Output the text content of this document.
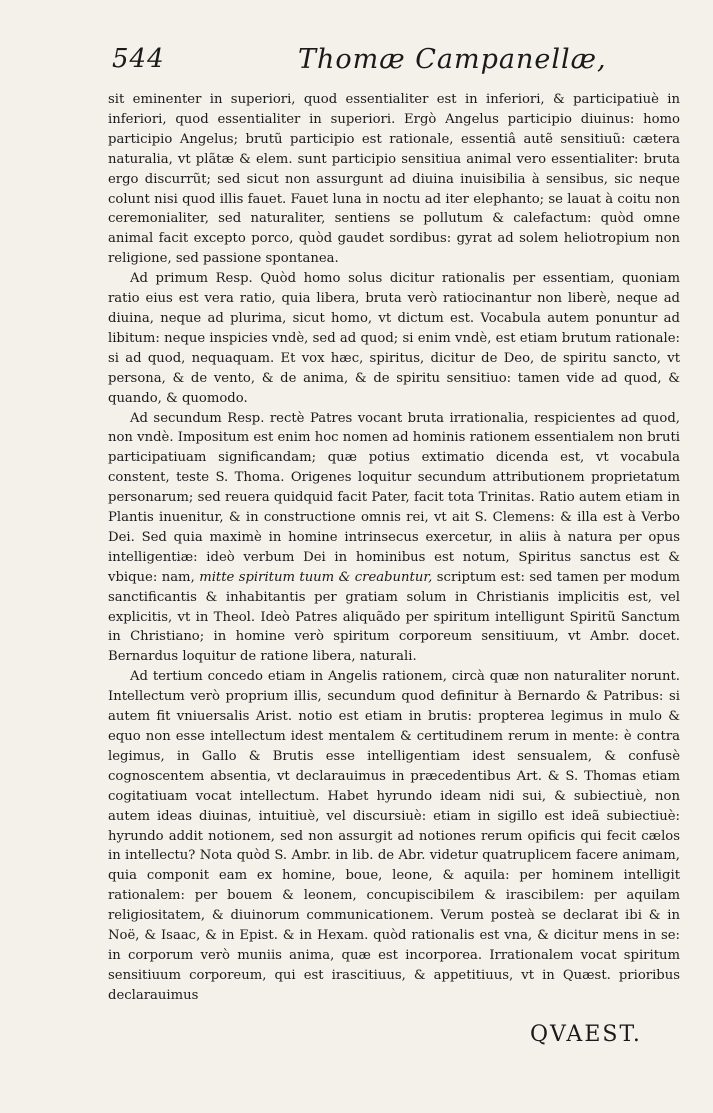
544	Thomæ Campanellæ,

sit eminenter in superiori, quod essentialiter est in inferiori, & participatiuè in inferiori, quod essentialiter in superiori. Ergò Angelus participio diuinus: homo participio Angelus; brutũ participio est rationale, essentiâ autẽ sensitiuũ: cætera naturalia, vt plãtæ & elem. sunt participio sensitiua animal vero essentialiter: bruta ergo discurrũt; sed sicut non assurgunt ad diuina inuisibilia à sensibus, sic neque colunt nisi quod illis fauet. Fauet luna in noctu ad iter elephanto; se lauat à coitu non ceremonialiter, sed naturaliter, sentiens se pollutum & calefactum: quòd omne animal facit excepto porco, quòd gaudet sordibus: gyrat ad solem heliotropium non religione, sed passione spontanea.

Ad primum Resp. Quòd homo solus dicitur rationalis per essentiam, quoniam ratio eius est vera ratio, quia libera, bruta verò ratiocinantur non liberè, neque ad diuina, neque ad plurima, sicut homo, vt dictum est. Vocabula autem ponuntur ad libitum: neque inspicies vndè, sed ad quod; si enim vndè, est etiam brutum rationale: si ad quod, nequaquam. Et vox hæc, spiritus, dicitur de Deo, de spiritu sancto, vt persona, & de vento, & de anima, & de spiritu sensitiuo: tamen vide ad quod, & quando, & quomodo.

Ad secundum Resp. rectè Patres vocant bruta irrationalia, respicientes ad quod, non vndè. Impositum est enim hoc nomen ad hominis rationem essentialem non bruti participatiuam significandam; quæ potius extimatio dicenda est, vt vocabula constent, teste S. Thoma. Origenes loquitur secundum attributionem proprietatum personarum; sed reuera quidquid facit Pater, facit tota Trinitas. Ratio autem etiam in Plantis inuenitur, & in constructione omnis rei, vt ait S. Clemens: & illa est à Verbo Dei. Sed quia maximè in homine intrinsecus exercetur, in aliis à natura per opus intelligentiæ: ideò verbum Dei in hominibus est notum, Spiritus sanctus est & vbique: nam, mitte spiritum tuum & creabuntur, scriptum est: sed tamen per modum sanctificantis & inhabitantis per gratiam solum in Christianis implicitis est, vel explicitis, vt in Theol. Ideò Patres aliquãdo per spiritum intelligunt Spiritũ Sanctum in Christiano; in homine verò spiritum corporeum sensitiuum, vt Ambr. docet. Bernardus loquitur de ratione libera, naturali.

Ad tertium concedo etiam in Angelis rationem, circà quæ non naturaliter norunt. Intellectum verò proprium illis, secundum quod definitur à Bernardo & Patribus: si autem fit vniuersalis Arist. notio est etiam in brutis: propterea legimus in mulo & equo non esse intellectum idest mentalem & certitudinem rerum in mente: è contra legimus, in Gallo & Brutis esse intelligentiam idest sensualem, & confusè cognoscentem absentia, vt declarauimus in præcedentibus Art. & S. Thomas etiam cogitatiuam vocat intellectum. Habet hyrundo ideam nidi sui, & subiectiuè, non autem ideas diuinas, intuitiuè, vel discursiuè: etiam in sigillo est ideã subiectiuè: hyrundo addit notionem, sed non assurgit ad notiones rerum opificis qui fecit cælos in intellectu? Nota quòd S. Ambr. in lib. de Abr. videtur quatruplicem facere animam, quia componit eam ex homine, boue, leone, & aquila: per hominem intelligit rationalem: per bouem & leonem, concupiscibilem & irascibilem: per aquilam religiositatem, & diuinorum communicationem. Verum posteà se declarat ibi & in Noë, & Isaac, & in Epist. & in Hexam. quòd rationalis est vna, & dicitur mens in se: in corporum verò muniis anima, quæ est incorporea. Irrationalem vocat spiritum sensitiuum corporeum, qui est irascitiuus, & appetitiuus, vt in Quæst. prioribus declarauimus

QVAEST.
